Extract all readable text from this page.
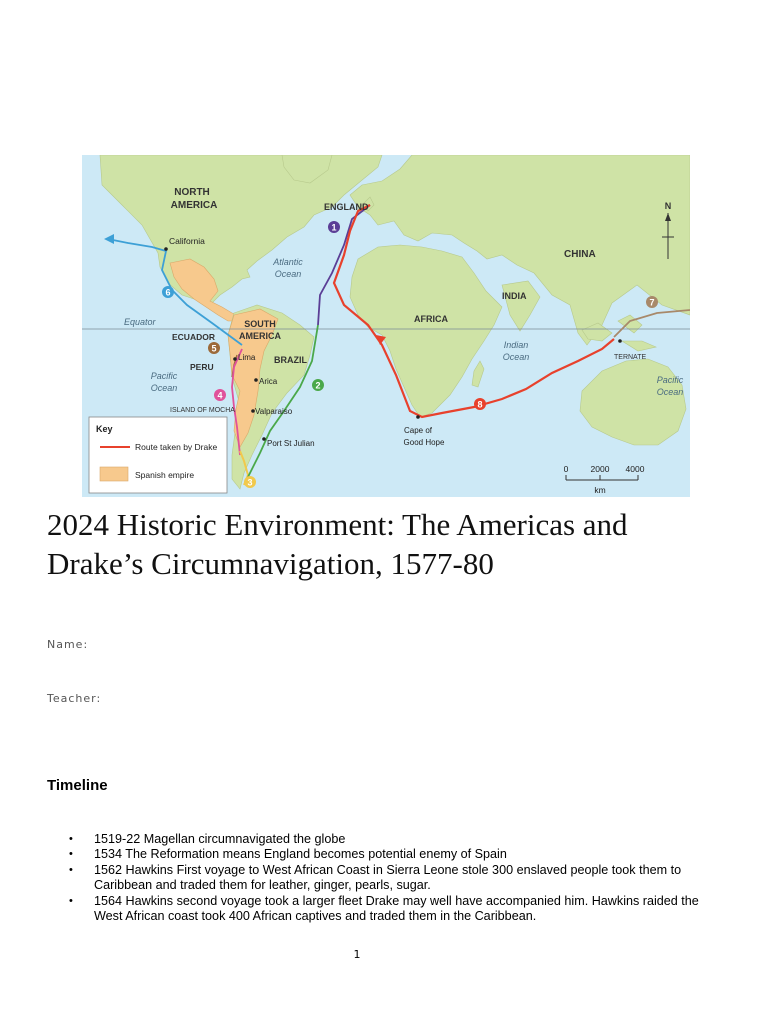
1
2
3
4
5
6
7
8
NORTH
AMERICA	ENGLAND
CHINA
INDIA
AFRICA
California
Atlantic
Ocean
Equator	SOUTH
AMERICA
ECUADOR
PERU
Lima BRAZIL
Arica
Pacific
Ocean
ISLAND OF MOCHA	Valparaiso
Port St Julian
Indian
Ocean	TERNATE
Pacific
Ocean
Cape of
Good Hope
N
0	2000 4000
km
Key
Route taken by Drake
Spanish empire
2024 Historic Environment: The Americas and Drake’s Circumnavigation, 1577-80
Name:
Teacher:
Timeline
• 1519-22 Magellan circumnavigated the globe
• 1534 The Reformation means England becomes potential enemy of Spain
• 1562 Hawkins First voyage to West African Coast in Sierra Leone stole 300 enslaved people took them to Caribbean and traded them for leather, ginger, pearls, sugar.
• 1564 Hawkins second voyage took a larger fleet Drake may well have accompanied him. Hawkins raided the West African coast took 400 African captives and traded them in the Caribbean.
1
